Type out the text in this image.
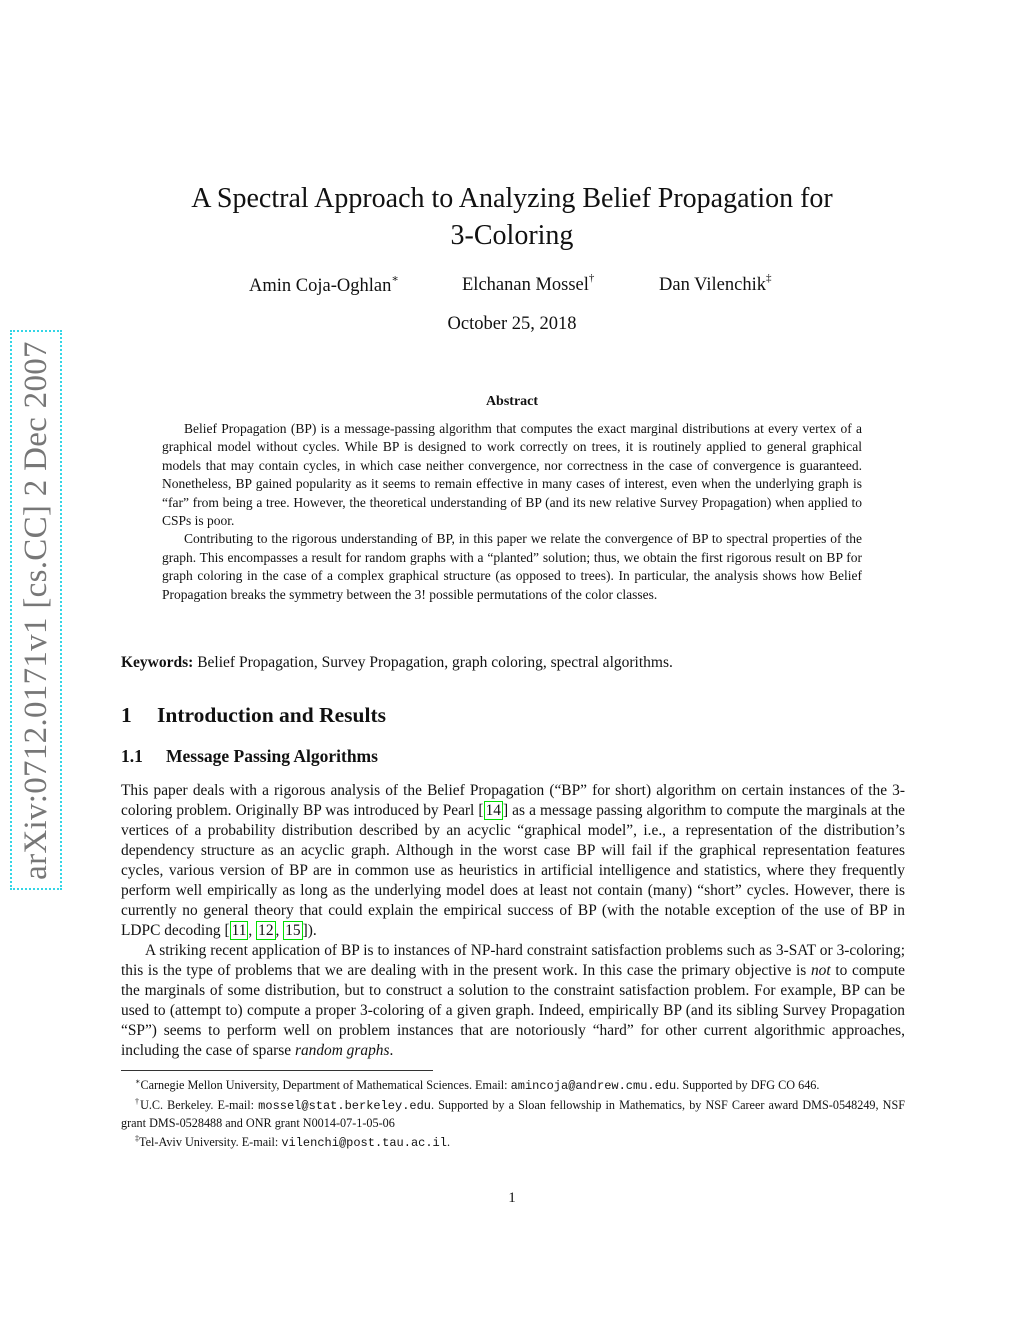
arXiv:0712.0171v1 [cs.CC] 2 Dec 2007
A Spectral Approach to Analyzing Belief Propagation for
3-Coloring
Amin Coja-Oghlan∗	Elchanan Mossel†	Dan Vilenchik‡
October 25, 2018
Abstract

Belief Propagation (BP) is a message-passing algorithm that computes the exact marginal distributions at every vertex of a graphical model without cycles. While BP is designed to work correctly on trees, it is routinely applied to general graphical models that may contain cycles, in which case neither convergence, nor correctness in the case of convergence is guaranteed. Nonetheless, BP gained popularity as it seems to remain effective in many cases of interest, even when the underlying graph is “far” from being a tree. However, the theoretical understanding of BP (and its new relative Survey Propagation) when applied to CSPs is poor.

Contributing to the rigorous understanding of BP, in this paper we relate the convergence of BP to spectral properties of the graph. This encompasses a result for random graphs with a “planted” solution; thus, we obtain the first rigorous result on BP for graph coloring in the case of a complex graphical structure (as opposed to trees). In particular, the analysis shows how Belief Propagation breaks the symmetry between the 3! possible permutations of the color classes.

Keywords: Belief Propagation, Survey Propagation, graph coloring, spectral algorithms.
1 Introduction and Results
1.1 Message Passing Algorithms

This paper deals with a rigorous analysis of the Belief Propagation (“BP” for short) algorithm on certain instances of the 3-coloring problem. Originally BP was introduced by Pearl [ 14 ] as a message passing algorithm to compute the marginals at the vertices of a probability distribution described by an acyclic “graphical model”, i.e., a representation of the distribution’s dependency structure as an acyclic graph. Although in the worst case BP will fail if the graphical representation features cycles, various version of BP are in common use as heuristics in artificial intelligence and statistics, where they frequently perform well empirically as long as the underlying model does at least not contain (many) “short” cycles. However, there is currently no general theory that could explain the empirical success of BP (with the notable exception of the use of BP in LDPC decoding [ 11 , 12 , 15 ]).

A striking recent application of BP is to instances of NP-hard constraint satisfaction problems such as 3-SAT or 3-coloring; this is the type of problems that we are dealing with in the present work. In this case the primary objective is not to compute the marginals of some distribution, but to construct a solution to the constraint satisfaction problem. For example, BP can be used to (attempt to) compute a proper 3-coloring of a given graph. Indeed, empirically BP (and its sibling Survey Propagation “SP”) seems to perform well on problem instances that are notoriously “hard” for other current algorithmic approaches, including the case of sparse random graphs.

∗Carnegie Mellon University, Department of Mathematical Sciences. Email: amincoja@andrew.cmu.edu. Supported by DFG CO 646.

†U.C. Berkeley. E-mail: mossel@stat.berkeley.edu. Supported by a Sloan fellowship in Mathematics, by NSF Career award DMS-0548249, NSF grant DMS-0528488 and ONR grant N0014-07-1-05-06

‡Tel-Aviv University. E-mail: vilenchi@post.tau.ac.il.

1
